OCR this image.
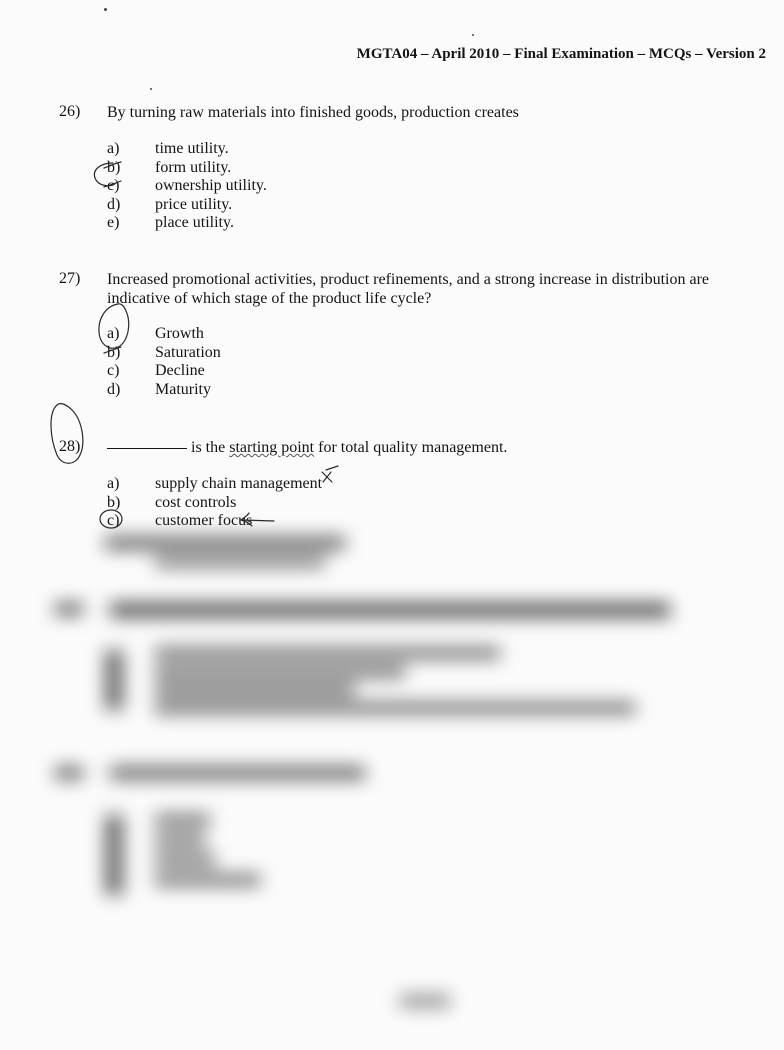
MGTA04 – April 2010 – Final Examination – MCQs – Version 2
26) By turning raw materials into finished goods, production creates
a) time utility.
b) form utility.
c) ownership utility.
d) price utility.
e) place utility.
27) Increased promotional activities, product refinements, and a strong increase in distribution are
indicative of which stage of the product life cycle?
a) Growth
b) Saturation
c) Decline
d) Maturity
28)	is the starting point for total quality management.
a) supply chain management
b) cost controls
c) customer focus
